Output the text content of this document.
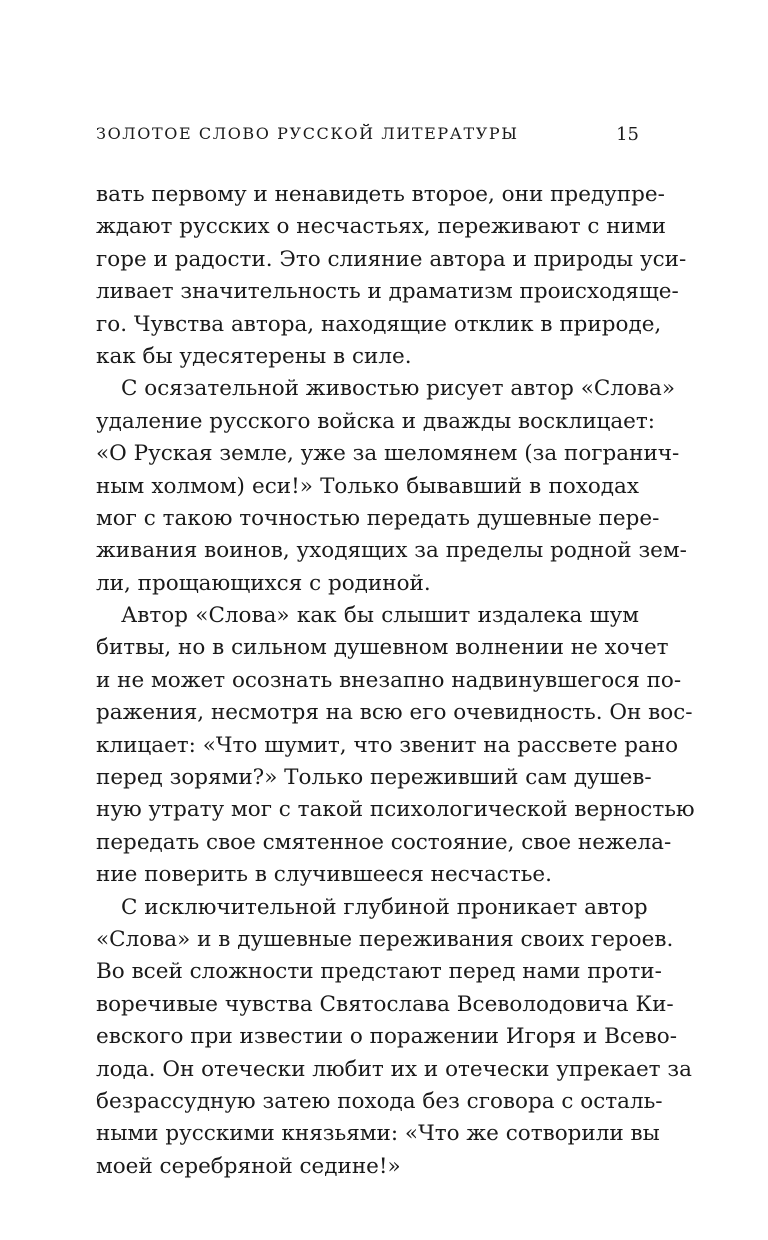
ЗОЛОТОЕ СЛОВО РУССКОЙ ЛИТЕРАТУРЫ	15
вать первому и ненавидеть второе, они предупре-
ждают русских о несчастьях, переживают с ними
горе и радости. Это слияние автора и природы уси-
ливает значительность и драматизм происходяще-
го. Чувства автора, находящие отклик в природе,
как бы удесятерены в силе.
С осязательной живостью рисует автор «Слова»
удаление русского войска и дважды восклицает:
«О Руская земле, уже за шеломянем (за погранич-
ным холмом) еси!» Только бывавший в походах
мог с такою точностью передать душевные пере-
живания воинов, уходящих за пределы родной зем-
ли, прощающихся с родиной.
Автор «Слова» как бы слышит издалека шум
битвы, но в сильном душевном волнении не хочет
и не может осознать внезапно надвинувшегося по-
ражения, несмотря на всю его очевидность. Он вос-
клицает: «Что шумит, что звенит на рассвете рано
перед зорями?» Только переживший сам душев-
ную утрату мог с такой психологической верностью
передать свое смятенное состояние, свое нежела-
ние поверить в случившееся несчастье.
С исключительной глубиной проникает автор
«Слова» и в душевные переживания своих героев.
Во всей сложности предстают перед нами проти-
воречивые чувства Святослава Всеволодовича Ки-
евского при известии о поражении Игоря и Всево-
лода. Он отечески любит их и отечески упрекает за
безрассудную затею похода без сговора с осталь-
ными русскими князьями: «Что же сотворили вы
моей серебряной седине!»
